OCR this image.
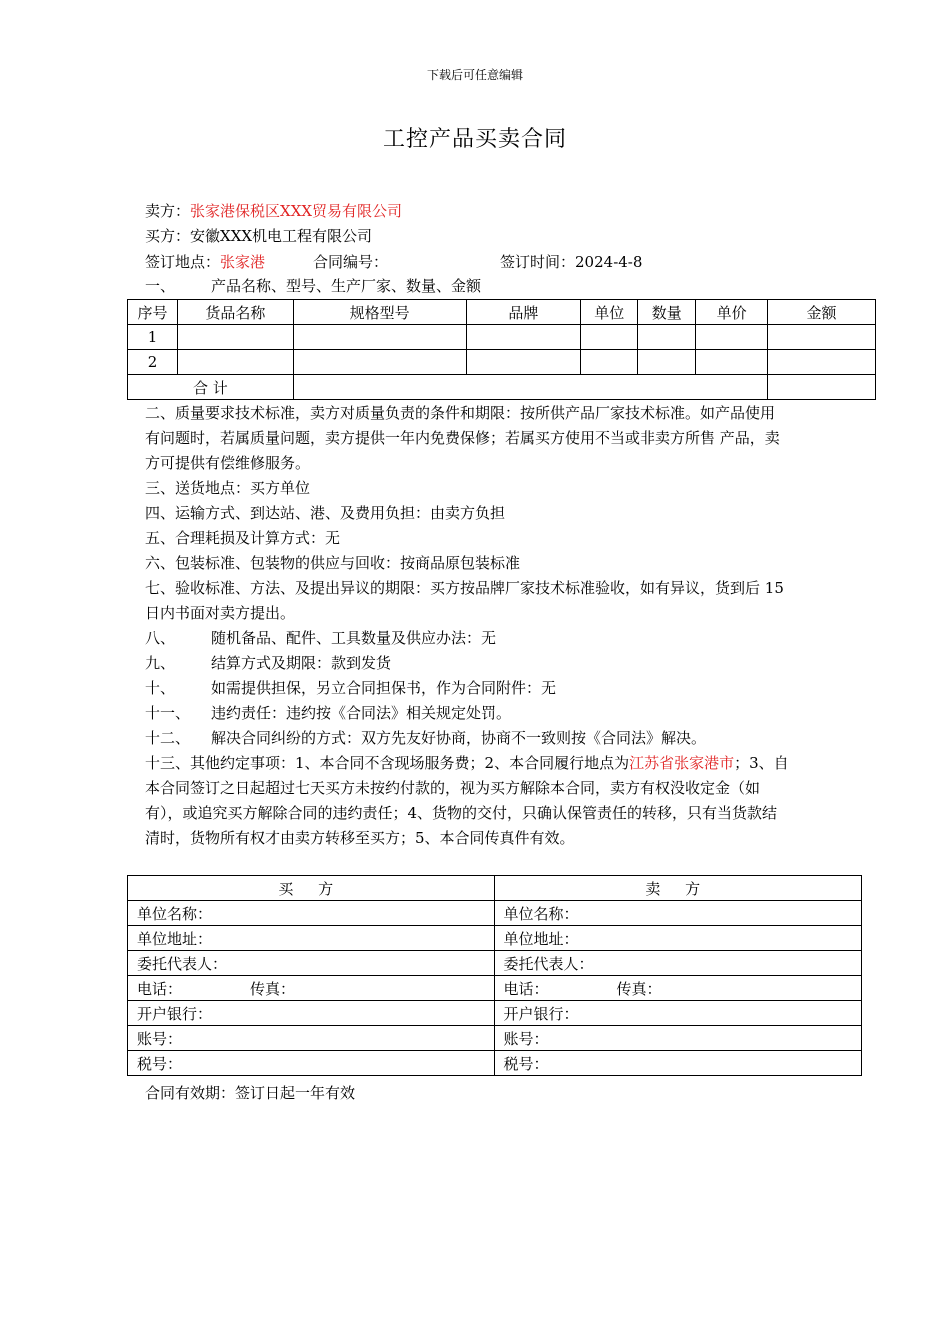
下载后可任意编辑
工控产品买卖合同
卖方：张家港保税区XXX贸易有限公司
买方：安徽XXX机电工程有限公司
签订地点：张家港	合同编号：	签订时间：2024-4-8
一、 产品名称、型号、生产厂家、数量、金额
序号	货品名称	规格型号	品牌	单位	数量	单价	金额
1							
2							
合 计							
二、质量要求技术标准，卖方对质量负责的条件和期限：按所供产品厂家技术标准。如产品使用
有问题时，若属质量问题，卖方提供一年内免费保修；若属买方使用不当或非卖方所售 产品，卖
方可提供有偿维修服务。
三、送货地点：买方单位
四、运输方式、到达站、港、及费用负担：由卖方负担
五、合理耗损及计算方式：无
六、包装标准、包装物的供应与回收：按商品原包装标准
七、验收标准、方法、及提出异议的期限：买方按品牌厂家技术标准验收，如有异议，货到后 15
日内书面对卖方提出。
八、 随机备品、配件、工具数量及供应办法：无
九、 结算方式及期限：款到发货
十、 如需提供担保，另立合同担保书，作为合同附件：无
十一、 违约责任：违约按《合同法》相关规定处罚。
十二、 解决合同纠纷的方式：双方先友好协商，协商不一致则按《合同法》解决。
十三、其他约定事项：1、本合同不含现场服务费；2、本合同履行地点为江苏省张家港市；3、自
本合同签订之日起超过七天买方未按约付款的，视为买方解除本合同，卖方有权没收定金（如
有），或追究买方解除合同的违约责任；4、货物的交付，只确认保管责任的转移，只有当货款结
清时，货物所有权才由卖方转移至买方；5、本合同传真件有效。
买 方	卖 方
单位名称：	单位名称：
单位地址：	单位地址：
委托代表人：	委托代表人：
电话： 传真：	电话： 传真：
开户银行：	开户银行：
账号：	账号：
税号：	税号：
合同有效期：签订日起一年有效
